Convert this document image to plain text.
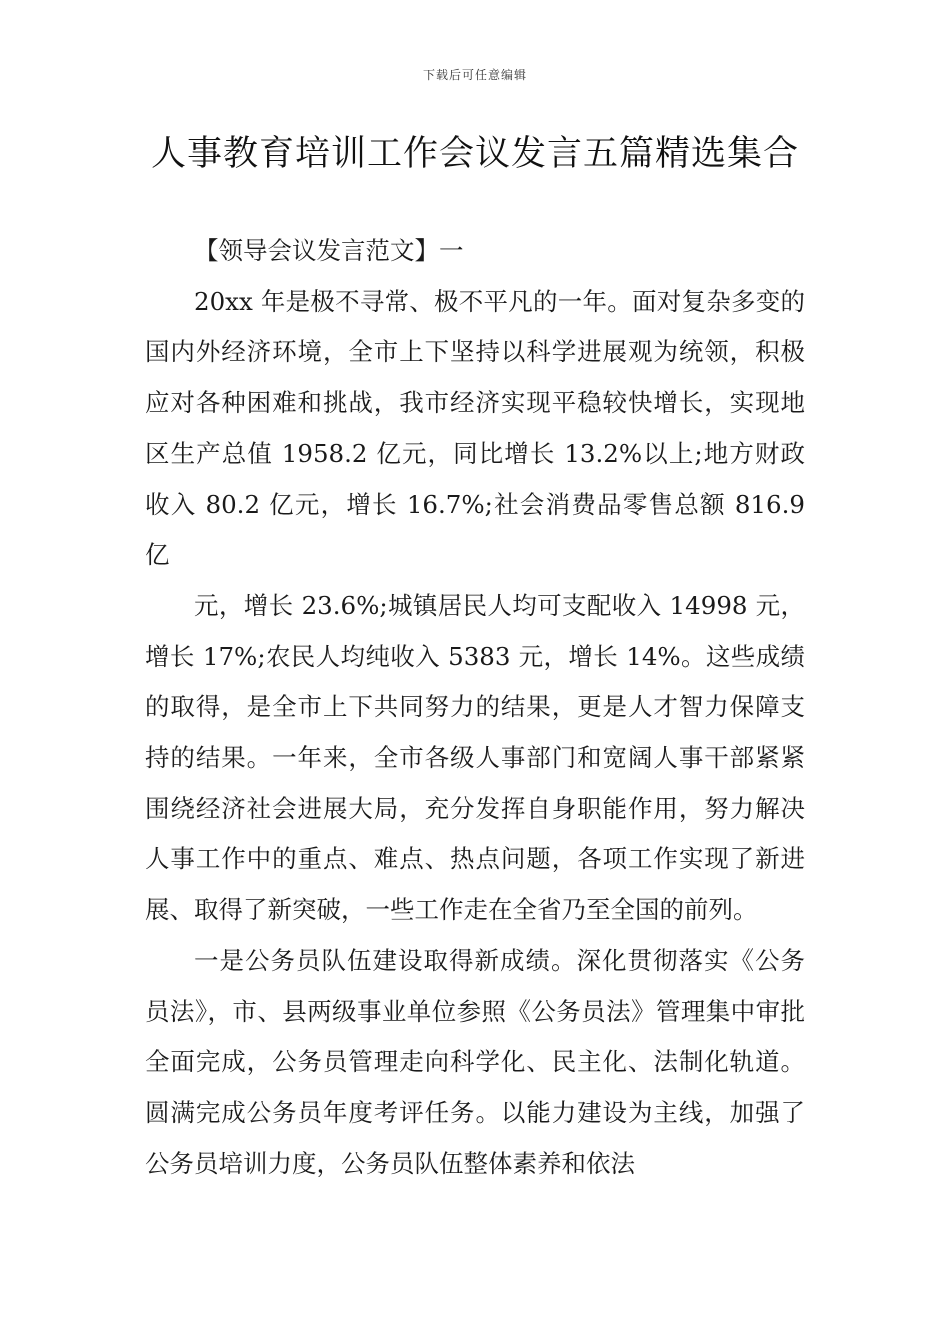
下载后可任意编辑
人事教育培训工作会议发言五篇精选集合

【领导会议发言范文】一

20xx 年是极不寻常、极不平凡的一年。面对复杂多变的国内外经济环境，全市上下坚持以科学进展观为统领，积极应对各种困难和挑战，我市经济实现平稳较快增长，实现地区生产总值 1958.2 亿元，同比增长 13.2%以上;地方财政收入 80.2 亿元，增长 16.7%;社会消费品零售总额 816.9 亿

元，增长 23.6%;城镇居民人均可支配收入 14998 元，增长 17%;农民人均纯收入 5383 元，增长 14%。这些成绩的取得，是全市上下共同努力的结果，更是人才智力保障支持的结果。一年来，全市各级人事部门和宽阔人事干部紧紧围绕经济社会进展大局，充分发挥自身职能作用，努力解决人事工作中的重点、难点、热点问题，各项工作实现了新进展、取得了新突破，一些工作走在全省乃至全国的前列。

一是公务员队伍建设取得新成绩。深化贯彻落实《公务员法》，市、县两级事业单位参照《公务员法》管理集中审批全面完成，公务员管理走向科学化、民主化、法制化轨道。圆满完成公务员年度考评任务。以能力建设为主线，加强了公务员培训力度，公务员队伍整体素养和依法
